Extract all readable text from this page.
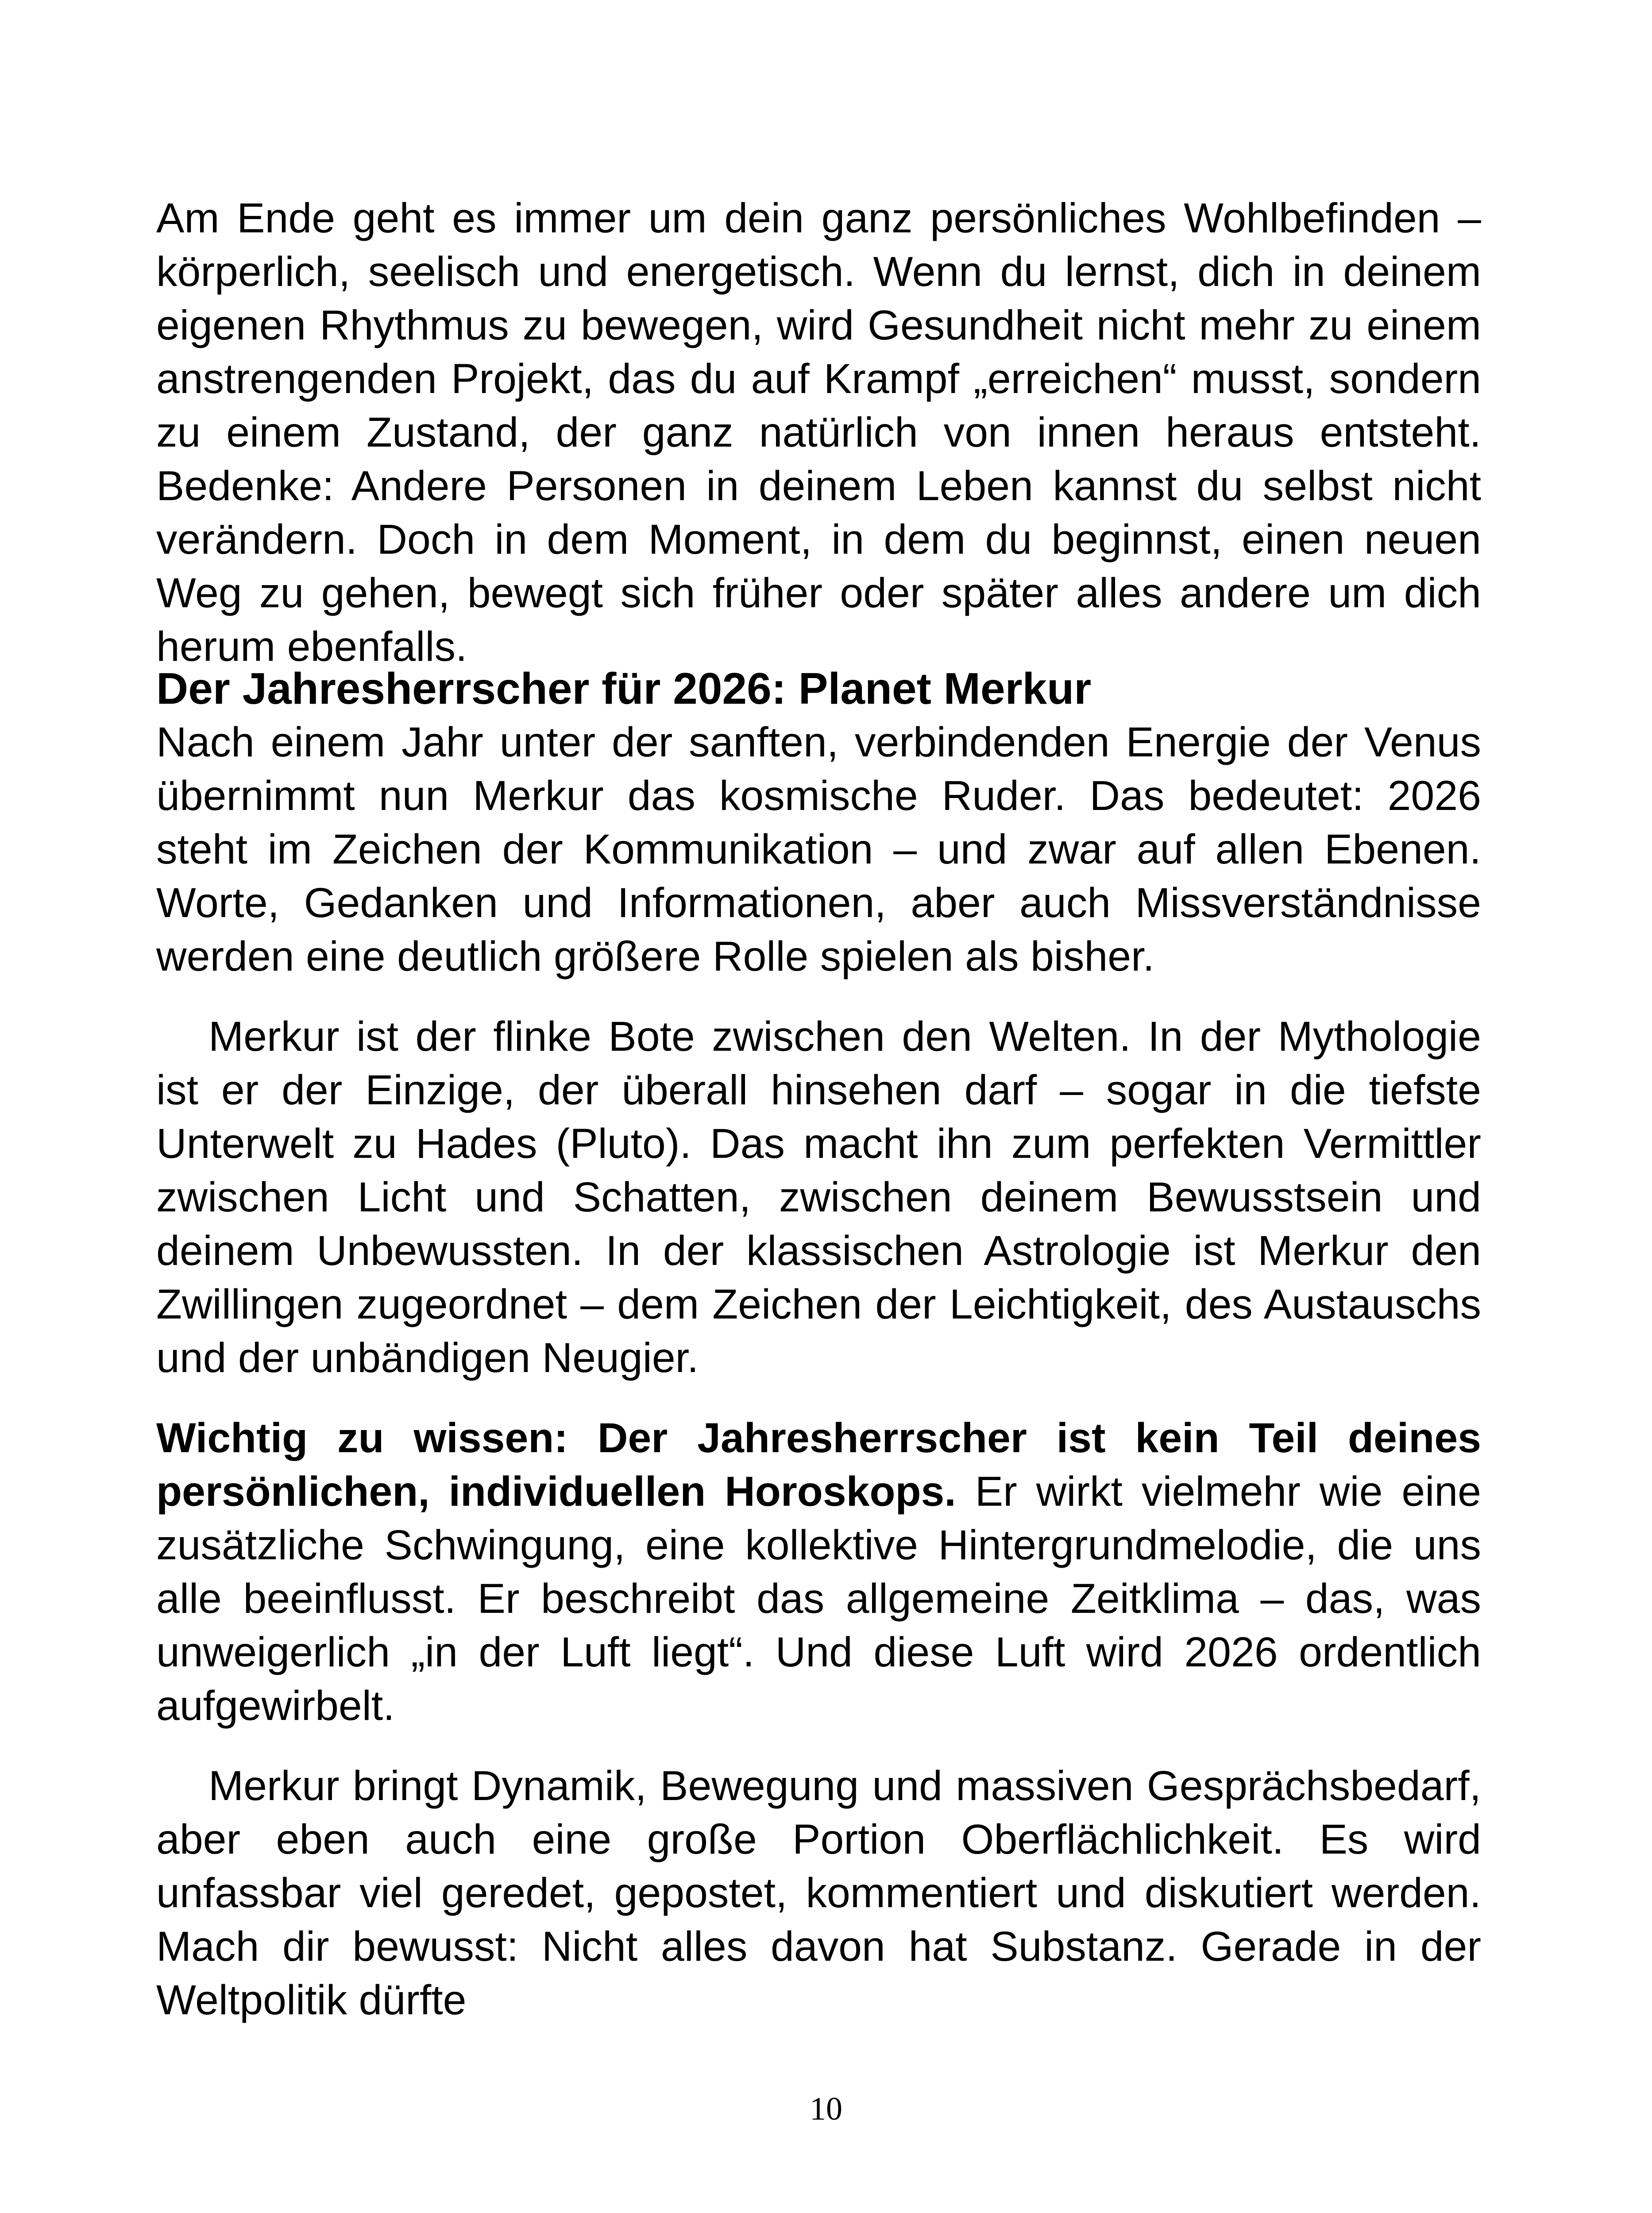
Am Ende geht es immer um dein ganz persönliches Wohlbefinden – körperlich, seelisch und energetisch. Wenn du lernst, dich in deinem eigenen Rhythmus zu bewegen, wird Gesundheit nicht mehr zu einem anstrengenden Projekt, das du auf Krampf „erreichen“ musst, sondern zu einem Zustand, der ganz natürlich von innen heraus entsteht. Bedenke: Andere Personen in deinem Leben kannst du selbst nicht verändern. Doch in dem Moment, in dem du beginnst, einen neuen Weg zu gehen, bewegt sich früher oder später alles andere um dich herum ebenfalls.

Der Jahresherrscher für 2026: Planet Merkur

Nach einem Jahr unter der sanften, verbindenden Energie der Venus übernimmt nun Merkur das kosmische Ruder. Das bedeutet: 2026 steht im Zeichen der Kommunikation – und zwar auf allen Ebenen. Worte, Gedanken und Informationen, aber auch Missverständnisse werden eine deutlich größere Rolle spielen als bisher.

Merkur ist der flinke Bote zwischen den Welten. In der Mythologie ist er der Einzige, der überall hinsehen darf – sogar in die tiefste Unterwelt zu Hades (Pluto). Das macht ihn zum perfekten Vermittler zwischen Licht und Schatten, zwischen deinem Bewusstsein und deinem Unbewussten. In der klassischen Astrologie ist Merkur den Zwillingen zugeordnet – dem Zeichen der Leichtigkeit, des Austauschs und der unbändigen Neugier.

Wichtig zu wissen: Der Jahresherrscher ist kein Teil deines persönlichen, individuellen Horoskops. Er wirkt vielmehr wie eine zusätzliche Schwingung, eine kollektive Hintergrundmelodie, die uns alle beeinflusst. Er beschreibt das allgemeine Zeitklima – das, was unweigerlich „in der Luft liegt“. Und diese Luft wird 2026 ordentlich aufgewirbelt.

Merkur bringt Dynamik, Bewegung und massiven Gesprächsbedarf, aber eben auch eine große Portion Oberflächlichkeit. Es wird unfassbar viel geredet, gepostet, kommentiert und diskutiert werden. Mach dir bewusst: Nicht alles davon hat Substanz. Gerade in der Weltpolitik dürfte

10
